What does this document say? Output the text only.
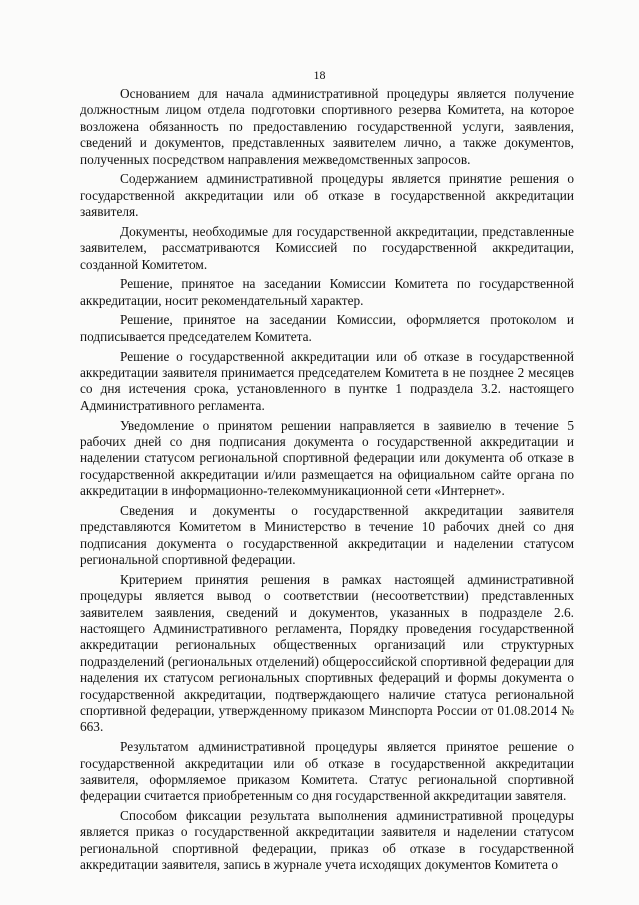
18

Основанием для начала административной процедуры является получение должностным лицом отдела подготовки спортивного резерва Комитета, на которое возложена обязанность по предоставлению государственной услуги, заявления, сведений и документов, представленных заявителем лично, а также документов, полученных посредством направления межведомственных запросов.

Содержанием административной процедуры является принятие решения о государственной аккредитации или об отказе в государственной аккредитации заявителя.

Документы, необходимые для государственной аккредитации, представленные заявителем, рассматриваются Комиссией по государственной аккредитации, созданной Комитетом.

Решение, принятое на заседании Комиссии Комитета по государственной аккредитации, носит рекомендательный характер.

Решение, принятое на заседании Комиссии, оформляется протоколом и подписывается председателем Комитета.

Решение о государственной аккредитации или об отказе в государственной аккредитации заявителя принимается председателем Комитета в не позднее 2 месяцев со дня истечения срока, установленного в пунтке 1 подраздела 3.2. настоящего Административного регламента.

Уведомление о принятом решении направляется в заявиелю в течение 5 рабочих дней со дня подписания документа о государственной аккредитации и наделении статусом региональной спортивной федерации или документа об отказе в государственной аккредитации и/или размещается на официальном сайте органа по аккредитации в информационно-телекоммуникационной сети «Интернет».

Сведения и документы о государственной аккредитации заявителя представляются Комитетом в Министерство в течение 10 рабочих дней со дня подписания документа о государственной аккредитации и наделении статусом региональной спортивной федерации.

Критерием принятия решения в рамках настоящей административной процедуры является вывод о соответствии (несоответствии) представленных заявителем заявления, сведений и документов, указанных в подразделе 2.6. настоящего Административного регламента, Порядку проведения государственной аккредитации региональных общественных организаций или структурных подразделений (региональных отделений) общероссийской спортивной федерации для наделения их статусом региональных спортивных федераций и формы документа о государственной аккредитации, подтверждающего наличие статуса региональной спортивной федерации, утвержденному приказом Минспорта России от 01.08.2014 № 663.

Результатом административной процедуры является принятое решение о государственной аккредитации или об отказе в государственной аккредитации заявителя, оформляемое приказом Комитета. Статус региональной спортивной федерации считается приобретенным со дня государственной аккредитации завятеля.

Способом фиксации результата выполнения административной процедуры является приказ о государственной аккредитации заявителя и наделении статусом региональной спортивной федерации, приказ об отказе в государственной аккредитации заявителя, запись в журнале учета исходящих документов Комитета о
